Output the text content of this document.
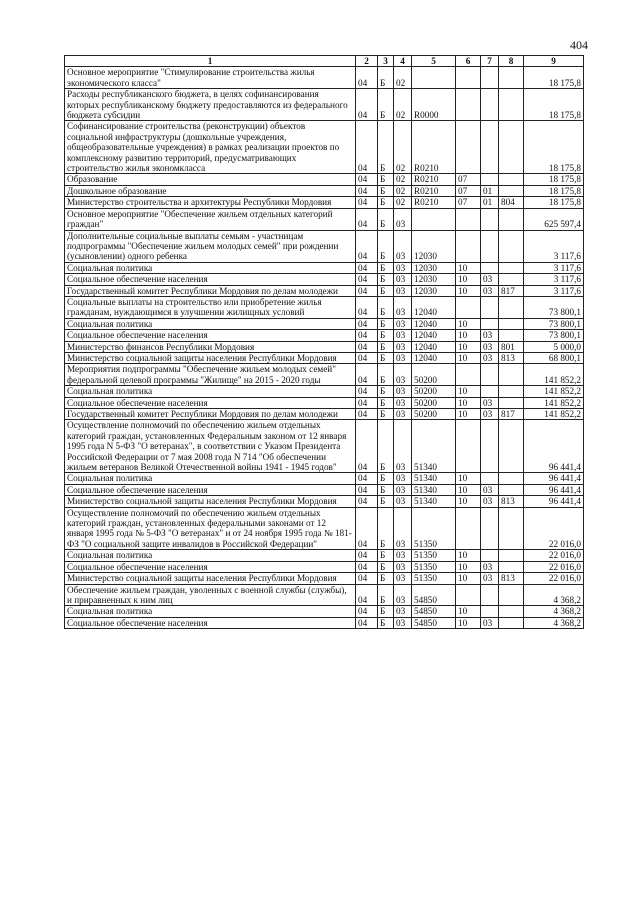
404
1	2	3	4	5	6	7	8	9
Основное мероприятие "Стимулирование строительства жилья экономического класса"	04	Б	02					18 175,8
Расходы республиканского бюджета, в целях софинансирования которых республиканскому бюджету предоставляются из федерального бюджета субсидии	04	Б	02	R0000				18 175,8
Софинансирование строительства (реконструкции) объектов социальной инфраструктуры (дошкольные учреждения, общеобразовательные учреждения) в рамках реализации проектов по комплексному развитию территорий, предусматривающих строительство жилья экономкласса	04	Б	02	R0210				18 175,8
Образование	04	Б	02	R0210	07			18 175,8
Дошкольное образование	04	Б	02	R0210	07	01		18 175,8
Министерство строительства и архитектуры Республики Мордовия	04	Б	02	R0210	07	01	804	18 175,8
Основное мероприятие "Обеспечение жильем отдельных категорий граждан"	04	Б	03					625 597,4
Дополнительные социальные выплаты семьям - участницам подпрограммы "Обеспечение жильем молодых семей" при рождении (усыновлении) одного ребенка	04	Б	03	12030				3 117,6
Социальная политика	04	Б	03	12030	10			3 117,6
Социальное обеспечение населения	04	Б	03	12030	10	03		3 117,6
Государственный комитет Республики Мордовия по делам молодежи	04	Б	03	12030	10	03	817	3 117,6
Социальные выплаты на строительство или приобретение жилья гражданам, нуждающимся в улучшении жилищных условий	04	Б	03	12040				73 800,1
Социальная политика	04	Б	03	12040	10			73 800,1
Социальное обеспечение населения	04	Б	03	12040	10	03		73 800,1
Министерство финансов Республики Мордовия	04	Б	03	12040	10	03	801	5 000,0
Министерство социальной защиты населения Республики Мордовия	04	Б	03	12040	10	03	813	68 800,1
Мероприятия подпрограммы "Обеспечение жильем молодых семей" федеральной целевой программы "Жилище" на 2015 - 2020 годы	04	Б	03	50200				141 852,2
Социальная политика	04	Б	03	50200	10			141 852,2
Социальное обеспечение населения	04	Б	03	50200	10	03		141 852,2
Государственный комитет Республики Мордовия по делам молодежи	04	Б	03	50200	10	03	817	141 852,2
Осуществление полномочий по обеспечению жильем отдельных категорий граждан, установленных Федеральным законом от 12 января 1995 года N 5-ФЗ "О ветеранах", в соответствии с Указом Президента Российской Федерации от 7 мая 2008 года N 714 "Об обеспечении жильем ветеранов Великой Отечественной войны 1941 - 1945 годов"	04	Б	03	51340				96 441,4
Социальная политика	04	Б	03	51340	10			96 441,4
Социальное обеспечение населения	04	Б	03	51340	10	03		96 441,4
Министерство социальной защиты населения Республики Мордовия	04	Б	03	51340	10	03	813	96 441,4
Осуществление полномочий по обеспечению жильем отдельных категорий граждан, установленных федеральными законами от 12 января 1995 года № 5-ФЗ "О ветеранах" и от 24 ноября 1995 года № 181-ФЗ "О социальной защите инвалидов в Российской Федерации"	04	Б	03	51350				22 016,0
Социальная политика	04	Б	03	51350	10			22 016,0
Социальное обеспечение населения	04	Б	03	51350	10	03		22 016,0
Министерство социальной защиты населения Республики Мордовия	04	Б	03	51350	10	03	813	22 016,0
Обеспечение жильем граждан, уволенных с военной службы (службы), и приравненных к ним лиц	04	Б	03	54850				4 368,2
Социальная политика	04	Б	03	54850	10			4 368,2
Социальное обеспечение населения	04	Б	03	54850	10	03		4 368,2
